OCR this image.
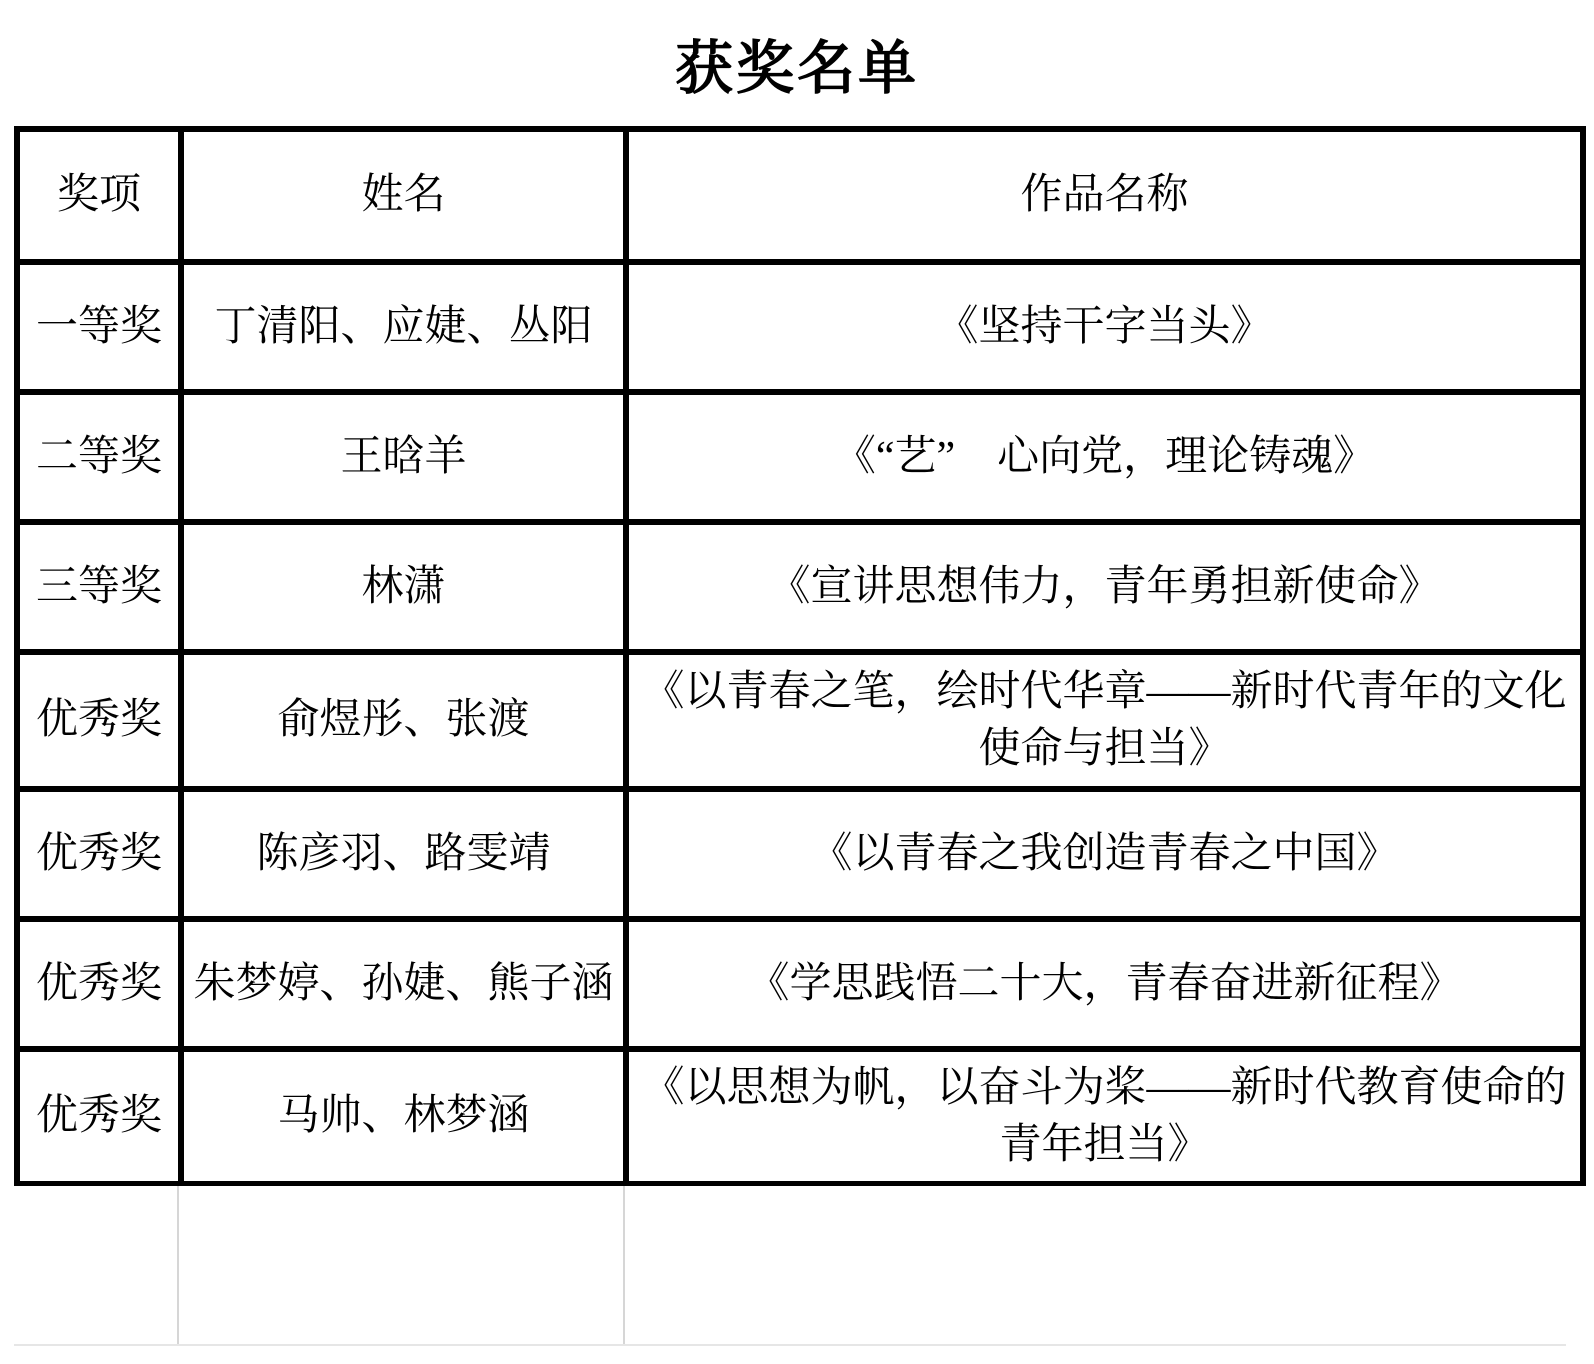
获奖名单
奖项	姓名	作品名称
一等奖	丁清阳、应婕、丛阳	《坚持干字当头》
二等奖	王晗羊	《“艺”　心向党，理论铸魂》
三等奖	林潇	《宣讲思想伟力，青年勇担新使命》
优秀奖	俞煜彤、张渡	《以青春之笔，绘时代华章——新时代青年的文化使命与担当》
优秀奖	陈彦羽、路雯靖	《以青春之我创造青春之中国》
优秀奖	朱梦婷、孙婕、熊子涵	《学思践悟二十大，青春奋进新征程》
优秀奖	马帅、林梦涵	《以思想为帆，以奋斗为桨——新时代教育使命的青年担当》
